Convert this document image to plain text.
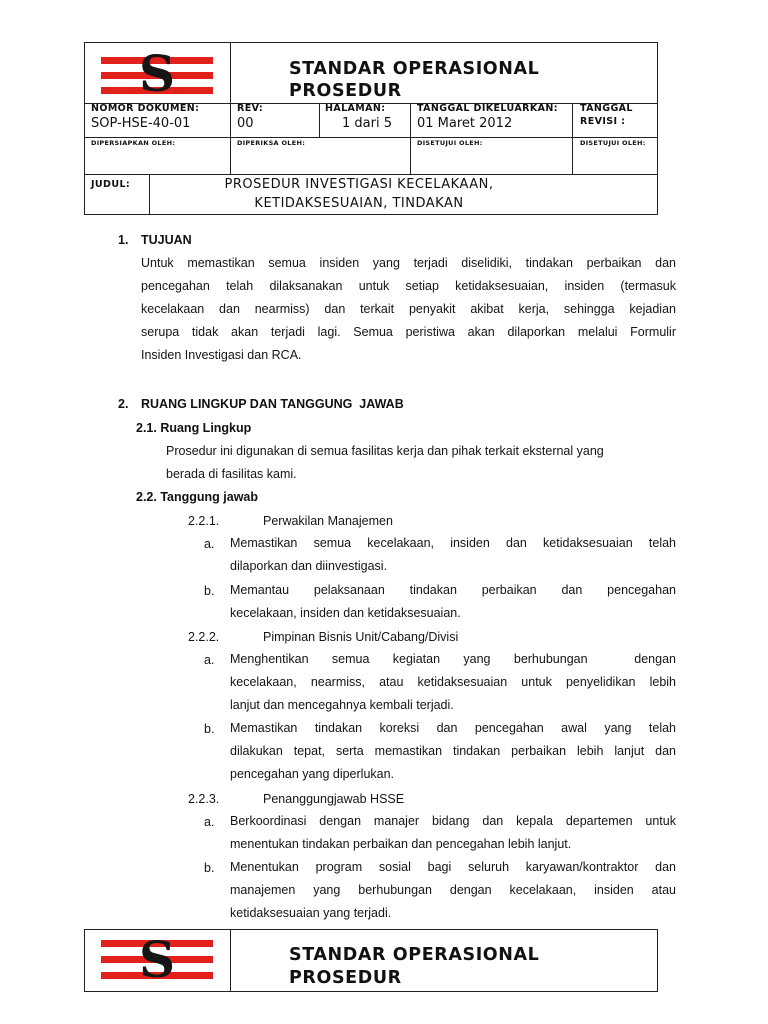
S	STANDAR OPERASIONAL
PROSEDUR
NOMOR DOKUMEN:
SOP-HSE-40-01
REV:
00
HALAMAN:
1 dari 5
TANGGAL DIKELUARKAN:
01 Maret 2012
TANGGAL
REVISI :
DIPERSIAPKAN OLEH:	DIPERIKSA OLEH:	DISETUJUI OLEH:	DISETUJUI OLEH:
JUDUL:	PROSEDUR INVESTIGASI KECELAKAAN,
KETIDAKSESUAIAN, TINDAKAN
1. TUJUAN
Untuk memastikan semua insiden yang terjadi diselidiki, tindakan perbaikan dan
pencegahan telah dilaksanakan untuk setiap ketidaksesuaian, insiden (termasuk
kecelakaan dan nearmiss) dan terkait penyakit akibat kerja, sehingga kejadian
serupa tidak akan terjadi lagi. Semua peristiwa akan dilaporkan melalui Formulir
Insiden Investigasi dan RCA.
2. RUANG LINGKUP DAN TANGGUNG  JAWAB
2.1. Ruang Lingkup
Prosedur ini digunakan di semua fasilitas kerja dan pihak terkait eksternal yang
berada di fasilitas kami.
2.2. Tanggung jawab
2.2.1.	Perwakilan Manajemen
a. Memastikan semua kecelakaan, insiden dan ketidaksesuaian telah
dilaporkan dan diinvestigasi.
b. Memantau pelaksanaan tindakan perbaikan dan pencegahan
kecelakaan, insiden dan ketidaksesuaian.
2.2.2.	Pimpinan Bisnis Unit/Cabang/Divisi
a. Menghentikan semua kegiatan yang berhubungan  dengan
kecelakaan, nearmiss, atau ketidaksesuaian untuk penyelidikan lebih
lanjut dan mencegahnya kembali terjadi.
b. Memastikan tindakan koreksi dan pencegahan awal yang telah
dilakukan tepat, serta memastikan tindakan perbaikan lebih lanjut dan
pencegahan yang diperlukan.
2.2.3.	Penanggungjawab HSSE
a. Berkoordinasi dengan manajer bidang dan kepala departemen untuk
menentukan tindakan perbaikan dan pencegahan lebih lanjut.
b. Menentukan program sosial bagi seluruh karyawan/kontraktor dan
manajemen yang berhubungan dengan kecelakaan, insiden atau
ketidaksesuaian yang terjadi.
S	STANDAR OPERASIONAL
PROSEDUR
